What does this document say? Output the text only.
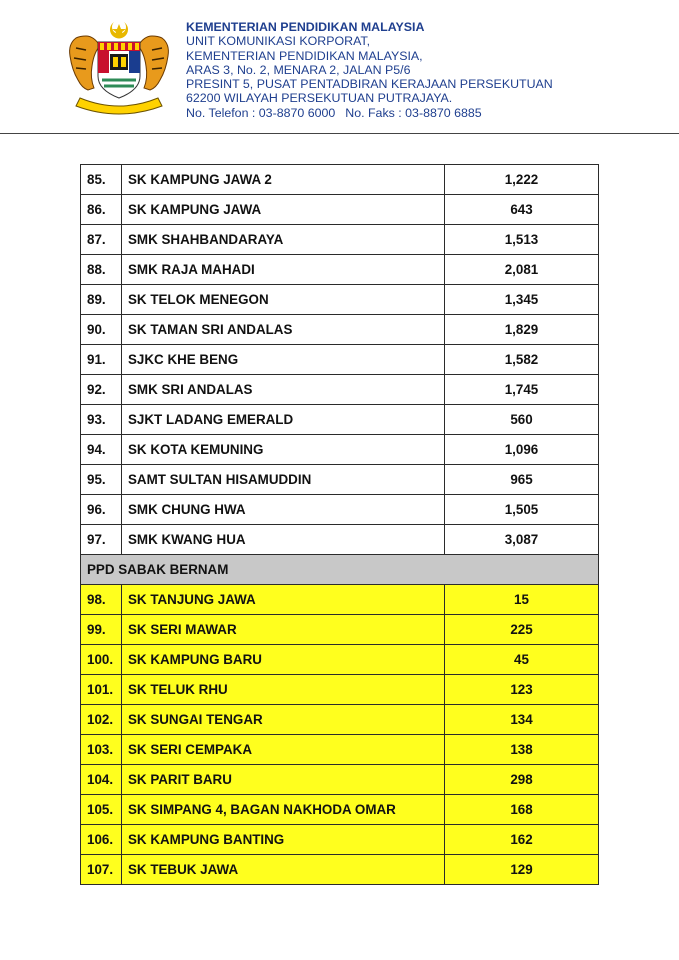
KEMENTERIAN PENDIDIKAN MALAYSIA
UNIT KOMUNIKASI KORPORAT,
KEMENTERIAN PENDIDIKAN MALAYSIA,
ARAS 3, No. 2, MENARA 2, JALAN P5/6
PRESINT 5, PUSAT PENTADBIRAN KERAJAAN PERSEKUTUAN
62200 WILAYAH PERSEKUTUAN PUTRAJAYA.
No. Telefon : 03-8870 6000 No. Faks : 03-8870 6885
85.	SK KAMPUNG JAWA 2	1,222
86.	SK KAMPUNG JAWA	643
87.	SMK SHAHBANDARAYA	1,513
88.	SMK RAJA MAHADI	2,081
89.	SK TELOK MENEGON	1,345
90.	SK TAMAN SRI ANDALAS	1,829
91.	SJKC KHE BENG	1,582
92.	SMK SRI ANDALAS	1,745
93.	SJKT LADANG EMERALD	560
94.	SK KOTA KEMUNING	1,096
95.	SAMT SULTAN HISAMUDDIN	965
96.	SMK CHUNG HWA	1,505
97.	SMK KWANG HUA	3,087
PPD SABAK BERNAM		
98.	SK TANJUNG JAWA	15
99.	SK SERI MAWAR	225
100.	SK KAMPUNG BARU	45
101.	SK TELUK RHU	123
102.	SK SUNGAI TENGAR	134
103.	SK SERI CEMPAKA	138
104.	SK PARIT BARU	298
105.	SK SIMPANG 4, BAGAN NAKHODA OMAR	168
106.	SK KAMPUNG BANTING	162
107.	SK TEBUK JAWA	129
